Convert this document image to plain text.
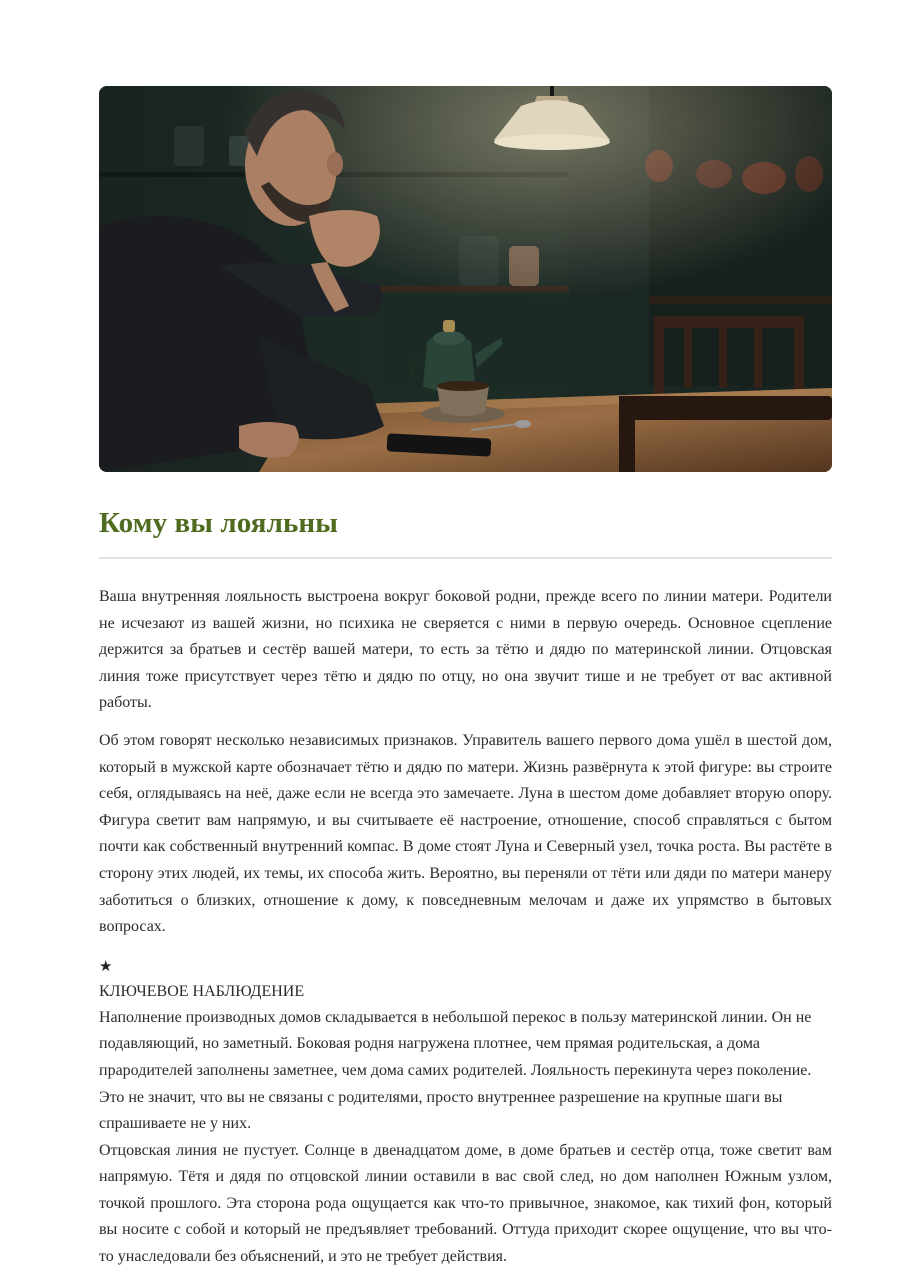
Кому вы лояльны

Ваша внутренняя лояльность выстроена вокруг боковой родни, прежде всего по линии матери. Родители не исчезают из вашей жизни, но психика не сверяется с ними в первую очередь. Основное сцепление держится за братьев и сестёр вашей матери, то есть за тётю и дядю по материнской линии. Отцовская линия тоже присутствует через тётю и дядю по отцу, но она звучит тише и не требует от вас активной работы.

Об этом говорят несколько независимых признаков. Управитель вашего первого дома ушёл в шестой дом, который в мужской карте обозначает тётю и дядю по матери. Жизнь развёрнута к этой фигуре: вы строите себя, оглядываясь на неё, даже если не всегда это замечаете. Луна в шестом доме добавляет вторую опору. Фигура светит вам напрямую, и вы считываете её настроение, отношение, способ справляться с бытом почти как собственный внутренний компас. В доме стоят Луна и Северный узел, точка роста. Вы растёте в сторону этих людей, их темы, их способа жить. Вероятно, вы переняли от тёти или дяди по матери манеру заботиться о близких, отношение к дому, к повседневным мелочам и даже их упрямство в бытовых вопросах.

★
КЛЮЧЕВОЕ НАБЛЮДЕНИЕ

Наполнение производных домов складывается в небольшой перекос в пользу материнской линии. Он не подавляющий, но заметный. Боковая родня нагружена плотнее, чем прямая родительская, а дома прародителей заполнены заметнее, чем дома самих родителей. Лояльность перекинута через поколение. Это не значит, что вы не связаны с родителями, просто внутреннее разрешение на крупные шаги вы спрашиваете не у них.

Отцовская линия не пустует. Солнце в двенадцатом доме, в доме братьев и сестёр отца, тоже светит вам напрямую. Тётя и дядя по отцовской линии оставили в вас свой след, но дом наполнен Южным узлом, точкой прошлого. Эта сторона рода ощущается как что-то привычное, знакомое, как тихий фон, который вы носите с собой и который не предъявляет требований. Оттуда приходит скорее ощущение, что вы что-то унаследовали без объяснений, и это не требует действия.
